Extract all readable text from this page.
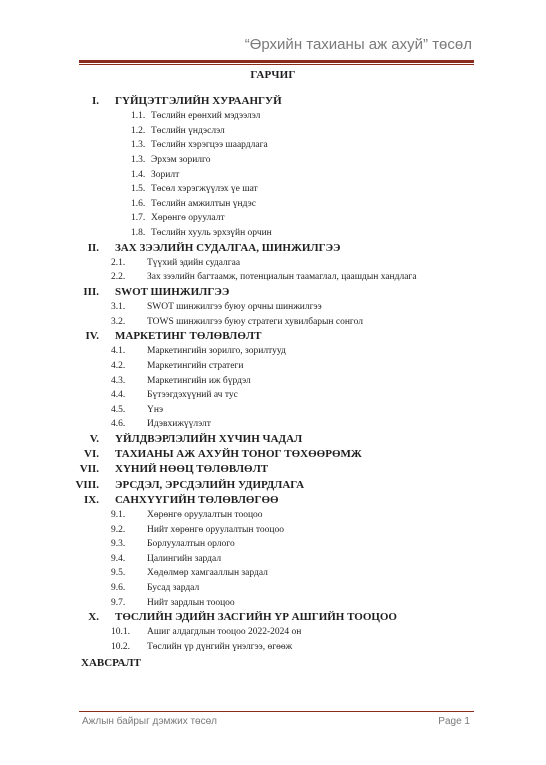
“Өрхийн тахианы аж ахуй” төсөл
ГАРЧИГ
I. ГҮЙЦЭТГЭЛИЙН ХУРААНГУЙ
1.1. Төслийн ерөнхий мэдээлэл
1.2. Төслийн үндэслэл
1.3. Төслийн хэрэгцээ шаардлага
1.3. Эрхэм зорилго
1.4. Зорилт
1.5. Төсөл хэрэгжүүлэх үе шат
1.6. Төслийн амжилтын үндэс
1.7. Хөрөнгө оруулалт
1.8. Төслийн хууль эрхзүйн орчин
II. ЗАХ ЗЭЭЛИЙН СУДАЛГАА, ШИНЖИЛГЭЭ
2.1. Түүхий эдийн судалгаа
2.2. Зах зээлийн багтаамж, потенциалын таамаглал, цаашдын хандлага
III. SWOT ШИНЖИЛГЭЭ
3.1. SWOT шинжилгээ буюу орчны шинжилгээ
3.2. TOWS шинжилгээ буюу стратеги хувилбарын сонгол
IV. МАРКЕТИНГ ТӨЛӨВЛӨЛТ
4.1. Маркетингийн зорилго, зорилтууд
4.2. Маркетингийн стратеги
4.3. Маркетингийн иж бүрдэл
4.4. Бүтээгдэхүүний ач тус
4.5. Үнэ
4.6. Идэвхижүүлэлт
V. ҮЙЛДВЭРЛЭЛИЙН ХҮЧИН ЧАДАЛ
VI. ТАХИАНЫ АЖ АХУЙН ТОНОГ ТӨХӨӨРӨМЖ
VII. ХҮНИЙ НӨӨЦ ТӨЛӨВЛӨЛТ
VIII. ЭРСДЭЛ, ЭРСДЭЛИЙН УДИРДЛАГА
IX. САНХҮҮГИЙН ТӨЛӨВЛӨГӨӨ
9.1. Хөрөнгө оруулалтын тооцоо
9.2. Нийт хөрөнгө оруулалтын тооцоо
9.3. Борлуулалтын орлого
9.4. Цалингийн зардал
9.5. Хөдөлмөр хамгааллын зардал
9.6. Бусад зардал
9.7. Нийт зардлын тооцоо
X. ТӨСЛИЙН ЭДИЙН ЗАСГИЙН ҮР АШГИЙН ТООЦОО
10.1. Ашиг алдагдлын тооцоо 2022-2024 он
10.2. Төслийн үр дүнгийн үнэлгээ, өгөөж
ХАВСРАЛТ
Ажлын байрыг дэмжих төсөл	Page 1
